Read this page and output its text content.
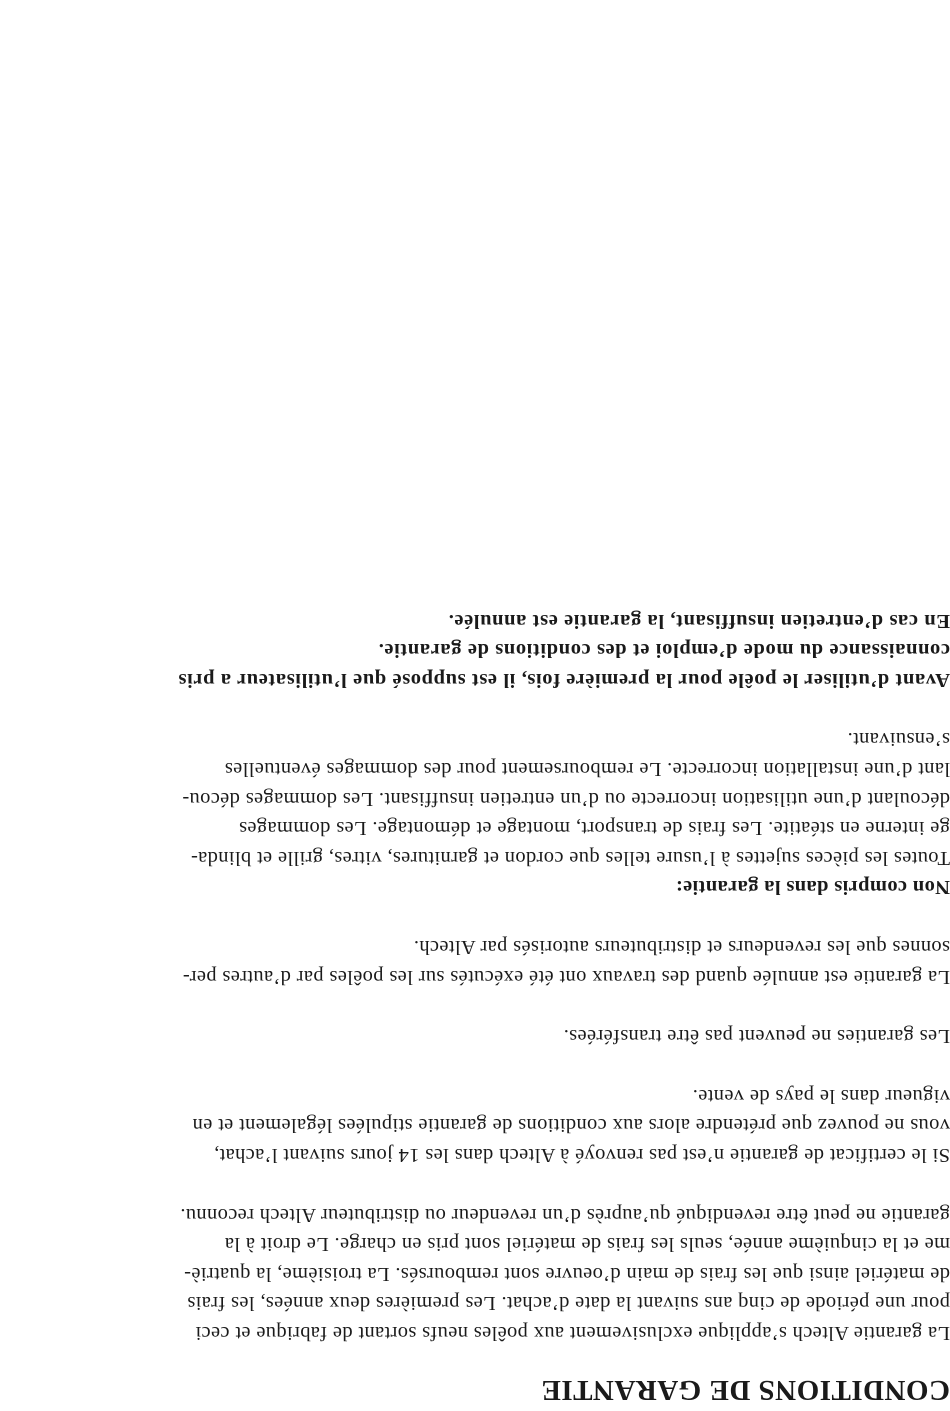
CONDITIONS DE GARANTIE
La garantie Altech s’applique exclusivement aux poêles neufs sortant de fabrique et ceci
pour une période de cinq ans suivant la date d’achat. Les premières deux années, les frais
de matériel ainsi que les frais de main d’oeuvre sont remboursés. La troisième, la quatriè-
me et la cinquième année, seuls les frais de matériel sont pris en charge. Le droit à la
garantie ne peut être revendiqué qu’auprès d’un revendeur ou distributeur Altech reconnu.
Si le certificat de garantie n’est pas renvoyé à Altech dans les 14 jours suivant l’achat,
vous ne pouvez que prétendre alors aux conditions de garantie stipulées légalement et en
vigueur dans le pays de vente.
Les garanties ne peuvent pas être transférées.
La garantie est annulée quand des travaux ont été exécutés sur les poêles par d’autres per-
sonnes que les revendeurs et distributeurs autorisés par Altech.
Non compris dans la garantie:
Toutes les pièces sujettes à l’usure telles que cordon et garnitures, vitres, grille et blinda-
ge interne en stéatite. Les frais de transport, montage et démontage. Les dommages
découlant d’une utilisation incorrecte ou d’un entretien insuffisant. Les dommages décou-
lant d’une installation incorrecte. Le remboursement pour des dommages éventuelles
s’ensuivant.
Avant d’utiliser le poêle pour la première fois, il est supposé que l’utilisateur a pris
connaissance du mode d’emploi et des conditions de garantie.
En cas d’entretien insuffisant, la garantie est annulée.
